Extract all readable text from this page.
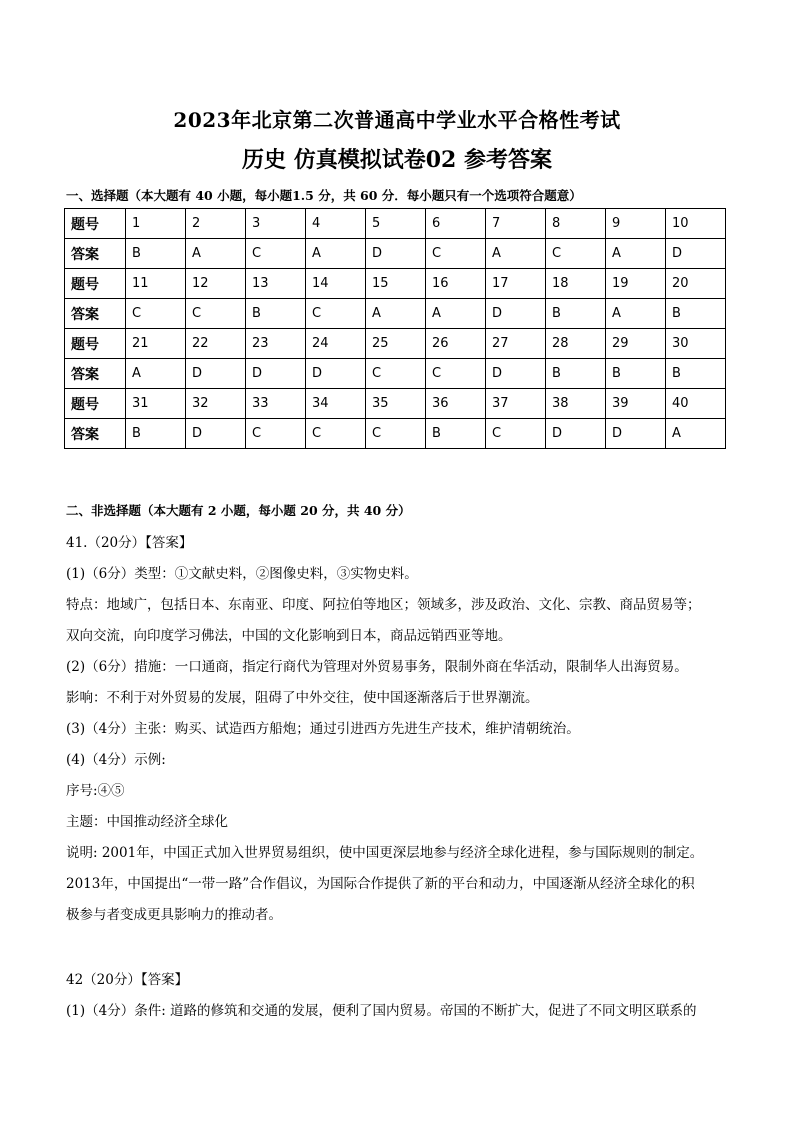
2023年北京第二次普通高中学业水平合格性考试
历史 仿真模拟试卷02 参考答案
一、选择题（本大题有 40 小题，每小题1.5 分，共 60 分．每小题只有一个选项符合题意）
题号	1	2	3	4	5	6	7	8	9	10
答案	B	A	C	A	D	C	A	C	A	D
题号	11	12	13	14	15	16	17	18	19	20
答案	C	C	B	C	A	A	D	B	A	B
题号	21	22	23	24	25	26	27	28	29	30
答案	A	D	D	D	C	C	D	B	B	B
题号	31	32	33	34	35	36	37	38	39	40
答案	B	D	C	C	C	B	C	D	D	A
二、非选择题（本大题有 2 小题，每小题 20 分，共 40 分）
41.（20分）【答案】
(1)（6分）类型：①文献史料，②图像史料，③实物史料。
特点：地域广，包括日本、东南亚、印度、阿拉伯等地区；领域多，涉及政治、文化、宗教、商品贸易等；
双向交流，向印度学习佛法，中国的文化影响到日本，商品远销西亚等地。
(2)（6分）措施：一口通商，指定行商代为管理对外贸易事务，限制外商在华活动，限制华人出海贸易。
影响：不利于对外贸易的发展，阻碍了中外交往，使中国逐渐落后于世界潮流。
(3)（4分）主张：购买、试造西方船炮；通过引进西方先进生产技术，维护清朝统治。
(4)（4分）示例:
序号:④⑤
主题：中国推动经济全球化
说明: 2001年，中国正式加入世界贸易组织，使中国更深层地参与经济全球化进程，参与国际规则的制定。
2013年，中国提出“一带一路”合作倡议，为国际合作提供了新的平台和动力，中国逐渐从经济全球化的积
极参与者变成更具影响力的推动者。
42（20分）【答案】
(1)（4分）条件: 道路的修筑和交通的发展，便利了国内贸易。帝国的不断扩大，促进了不同文明区联系的
